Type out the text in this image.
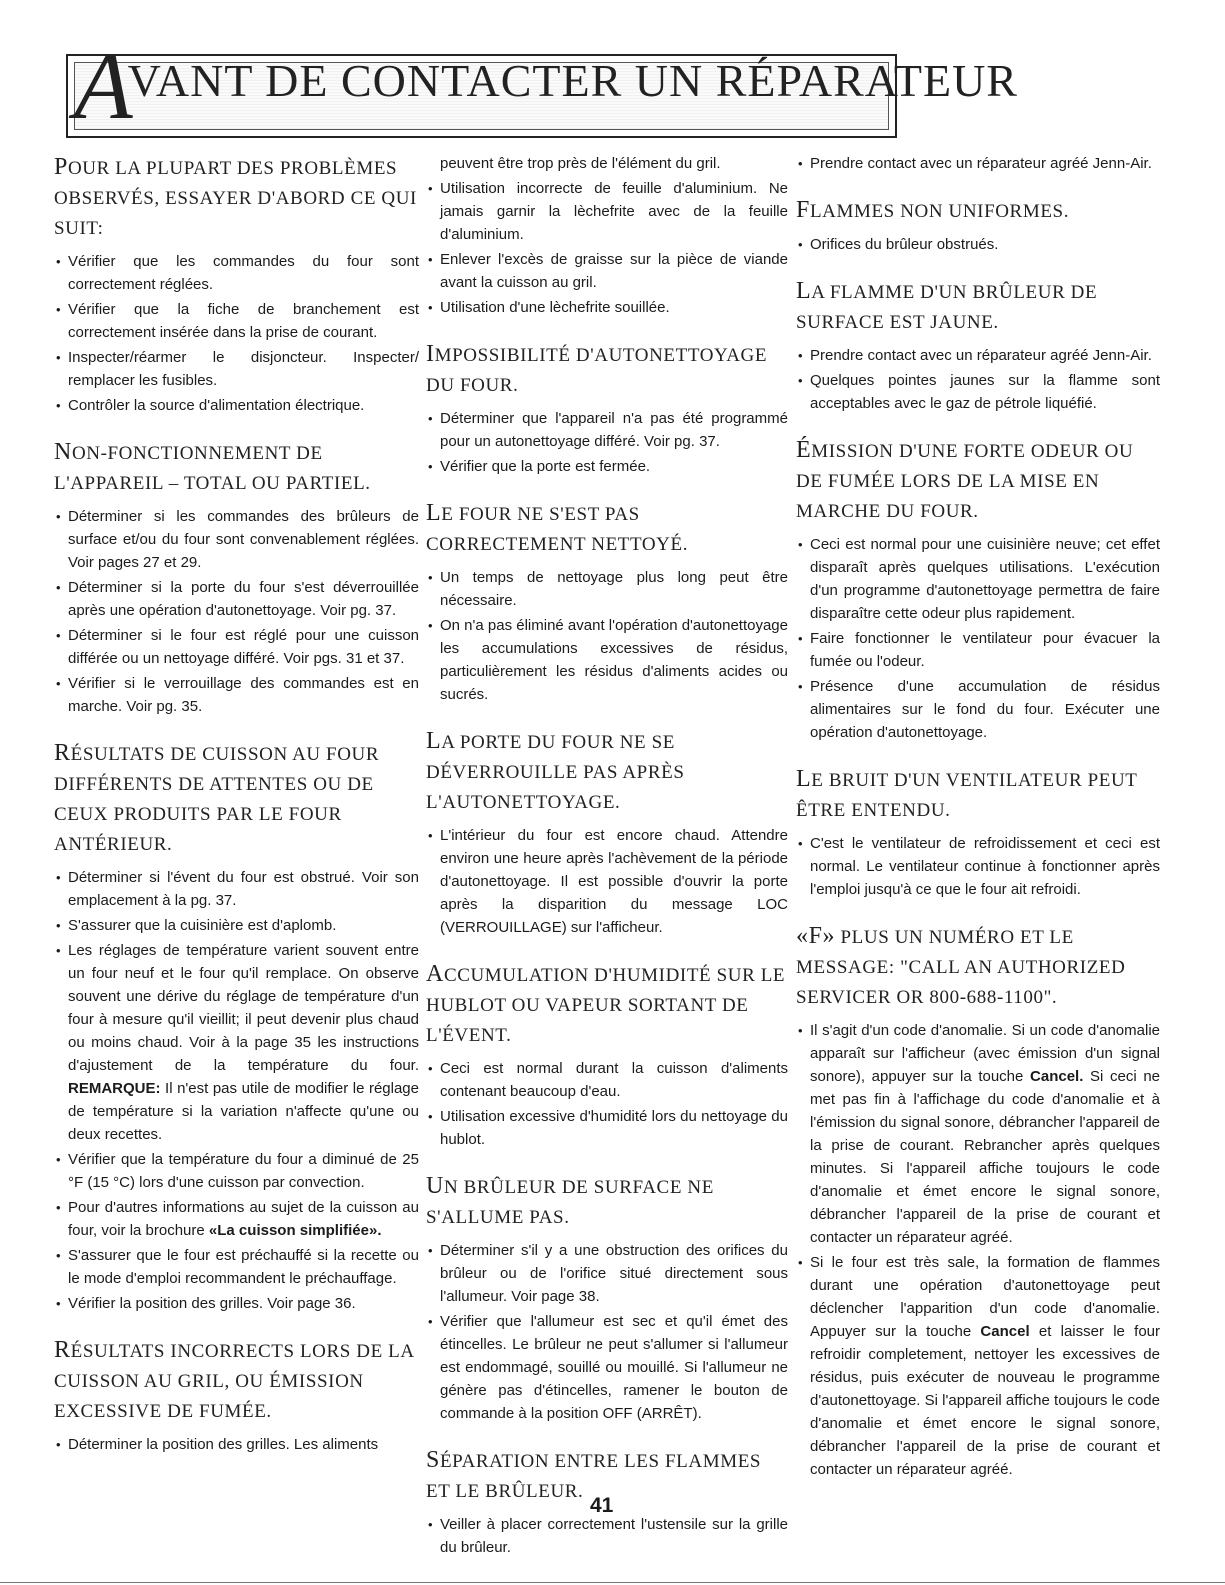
AVANT DE CONTACTER UN RÉPARATEUR
POUR LA PLUPART DES PROBLÈMES OBSERVÉS, ESSAYER D'ABORD CE QUI SUIT:
• Vérifier que les commandes du four sont correctement réglées.
• Vérifier que la fiche de branchement est correctement insérée dans la prise de courant.
• Inspecter/réarmer le disjoncteur. Inspecter/ remplacer les fusibles.
• Contrôler la source d'alimentation électrique.
NON-FONCTIONNEMENT DE L'APPAREIL – TOTAL OU PARTIEL.
• Déterminer si les commandes des brûleurs de surface et/ou du four sont convenablement réglées. Voir pages 27 et 29.
• Déterminer si la porte du four s'est déverrouillée après une opération d'autonettoyage. Voir pg. 37.
• Déterminer si le four est réglé pour une cuisson différée ou un nettoyage différé. Voir pgs. 31 et 37.
• Vérifier si le verrouillage des commandes est en marche. Voir pg. 35.
RÉSULTATS DE CUISSON AU FOUR DIFFÉRENTS DE ATTENTES OU DE CEUX PRODUITS PAR LE FOUR ANTÉRIEUR.
• Déterminer si l'évent du four est obstrué. Voir son emplacement à la pg. 37.
• S'assurer que la cuisinière est d'aplomb.
• Les réglages de température varient souvent entre un four neuf et le four qu'il remplace. On observe souvent une dérive du réglage de température d'un four à mesure qu'il vieillit; il peut devenir plus chaud ou moins chaud. Voir à la page 35 les instructions d'ajustement de la température du four. REMARQUE: Il n'est pas utile de modifier le réglage de température si la variation n'affecte qu'une ou deux recettes.
• Vérifier que la température du four a diminué de 25 °F (15 °C) lors d'une cuisson par convection.
• Pour d'autres informations au sujet de la cuisson au four, voir la brochure «La cuisson simplifiée».
• S'assurer que le four est préchauffé si la recette ou le mode d'emploi recommandent le préchauffage.
• Vérifier la position des grilles. Voir page 36.
RÉSULTATS INCORRECTS LORS DE LA CUISSON AU GRIL, OU ÉMISSION EXCESSIVE DE FUMÉE.
• Déterminer la position des grilles. Les aliments
peuvent être trop près de l'élément du gril.
• Utilisation incorrecte de feuille d'aluminium. Ne jamais garnir la lèchefrite avec de la feuille d'aluminium.
• Enlever l'excès de graisse sur la pièce de viande avant la cuisson au gril.
• Utilisation d'une lèchefrite souillée.
IMPOSSIBILITÉ D'AUTONETTOYAGE DU FOUR.
• Déterminer que l'appareil n'a pas été programmé pour un autonettoyage différé. Voir pg. 37.
• Vérifier que la porte est fermée.
LE FOUR NE S'EST PAS CORRECTEMENT NETTOYÉ.
• Un temps de nettoyage plus long peut être nécessaire.
• On n'a pas éliminé avant l'opération d'autonettoyage les accumulations excessives de résidus, particulièrement les résidus d'aliments acides ou sucrés.
LA PORTE DU FOUR NE SE DÉVERROUILLE PAS APRÈS L'AUTONETTOYAGE.
• L'intérieur du four est encore chaud. Attendre environ une heure après l'achèvement de la période d'autonettoyage. Il est possible d'ouvrir la porte après la disparition du message LOC (VERROUILLAGE) sur l'afficheur.
ACCUMULATION D'HUMIDITÉ SUR LE HUBLOT OU VAPEUR SORTANT DE L'ÉVENT.
• Ceci est normal durant la cuisson d'aliments contenant beaucoup d'eau.
• Utilisation excessive d'humidité lors du nettoyage du hublot.
UN BRÛLEUR DE SURFACE NE S'ALLUME PAS.
• Déterminer s'il y a une obstruction des orifices du brûleur ou de l'orifice situé directement sous l'allumeur. Voir page 38.
• Vérifier que l'allumeur est sec et qu'il émet des étincelles. Le brûleur ne peut s'allumer si l'allumeur est endommagé, souillé ou mouillé. Si l'allumeur ne génère pas d'étincelles, ramener le bouton de commande à la position OFF (ARRÊT).
SÉPARATION ENTRE LES FLAMMES ET LE BRÛLEUR.
• Veiller à placer correctement l'ustensile sur la grille du brûleur.
• Prendre contact avec un réparateur agréé Jenn-Air.
FLAMMES NON UNIFORMES.
• Orifices du brûleur obstrués.
LA FLAMME D'UN BRÛLEUR DE SURFACE EST JAUNE.
• Prendre contact avec un réparateur agréé Jenn-Air.
• Quelques pointes jaunes sur la flamme sont acceptables avec le gaz de pétrole liquéfié.
ÉMISSION D'UNE FORTE ODEUR OU DE FUMÉE LORS DE LA MISE EN MARCHE DU FOUR.
• Ceci est normal pour une cuisinière neuve; cet effet disparaît après quelques utilisations. L'exécution d'un programme d'autonettoyage permettra de faire disparaître cette odeur plus rapidement.
• Faire fonctionner le ventilateur pour évacuer la fumée ou l'odeur.
• Présence d'une accumulation de résidus alimentaires sur le fond du four. Exécuter une opération d'autonettoyage.
LE BRUIT D'UN VENTILATEUR PEUT ÊTRE ENTENDU.
• C'est le ventilateur de refroidissement et ceci est normal. Le ventilateur continue à fonctionner après l'emploi jusqu'à ce que le four ait refroidi.
«F» PLUS UN NUMÉRO ET LE MESSAGE: "CALL AN AUTHORIZED SERVICER OR 800-688-1100".
• Il s'agit d'un code d'anomalie. Si un code d'anomalie apparaît sur l'afficheur (avec émission d'un signal sonore), appuyer sur la touche Cancel. Si ceci ne met pas fin à l'affichage du code d'anomalie et à l'émission du signal sonore, débrancher l'appareil de la prise de courant. Rebrancher après quelques minutes. Si l'appareil affiche toujours le code d'anomalie et émet encore le signal sonore, débrancher l'appareil de la prise de courant et contacter un réparateur agréé.
• Si le four est très sale, la formation de flammes durant une opération d'autonettoyage peut déclencher l'apparition d'un code d'anomalie. Appuyer sur la touche Cancel et laisser le four refroidir completement, nettoyer les excessives de résidus, puis exécuter de nouveau le programme d'autonettoyage. Si l'appareil affiche toujours le code d'anomalie et émet encore le signal sonore, débrancher l'appareil de la prise de courant et contacter un réparateur agréé.
41
